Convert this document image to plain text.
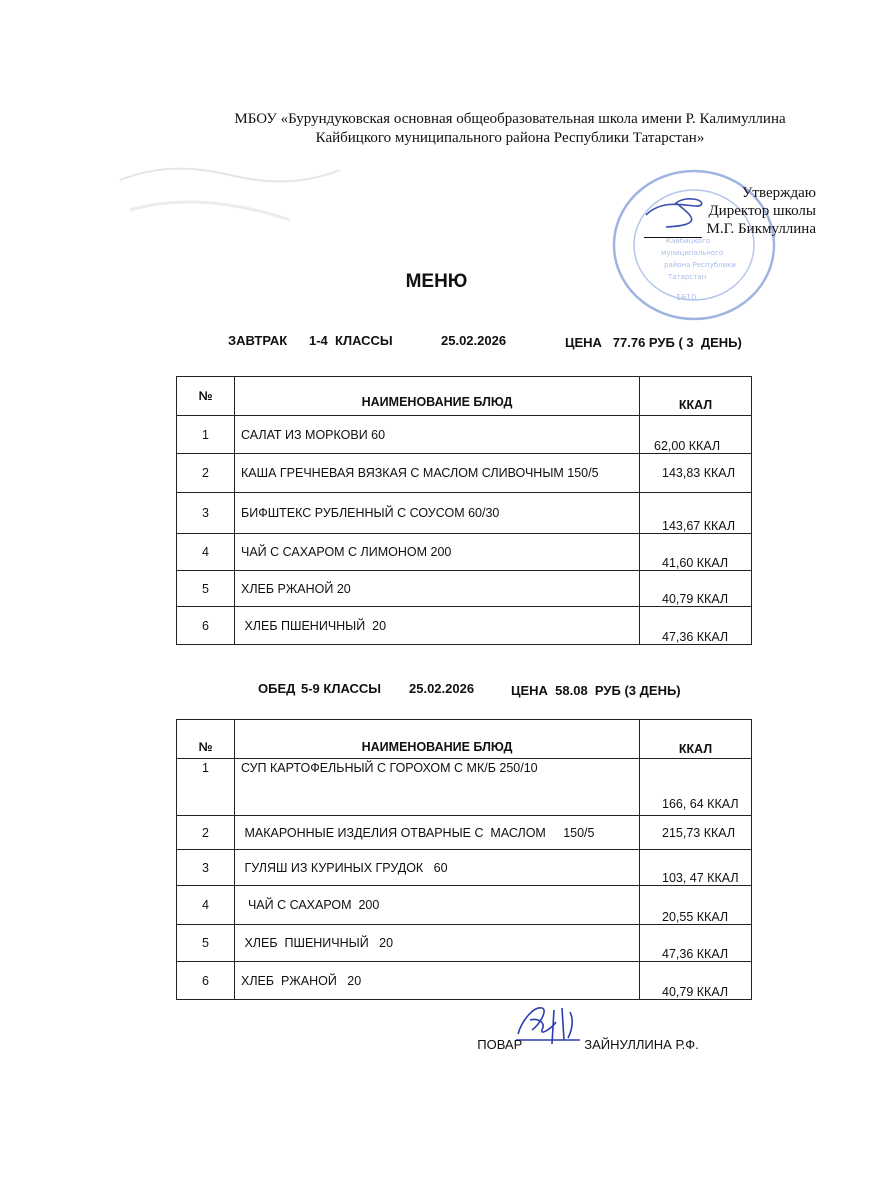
МБОУ «Бурундуковская основная общеобразовательная школа имени Р. Калимуллина
Кайбицкого муниципального района Республики Татарстан»
Кайбицкого
муниципального
района Республики
Татарстан
1610...
Утверждаю
Директор школы
М.Г. Бикмуллина
МЕНЮ
ЗАВТРАК 1-4  КЛАССЫ	25.02.2026	ЦЕНА   77.76 РУБ ( 3  ДЕНЬ)
№	НАИМЕНОВАНИЕ БЛЮД	ККАЛ
1	САЛАТ ИЗ МОРКОВИ 60	62,00 ККАЛ
2	КАША ГРЕЧНЕВАЯ ВЯЗКАЯ С МАСЛОМ СЛИВОЧНЫМ 150/5	143,83 ККАЛ
3	БИФШТЕКС РУБЛЕННЫЙ С СОУСОМ 60/30	143,67 ККАЛ
4	ЧАЙ С САХАРОМ С ЛИМОНОМ 200	41,60 ККАЛ
5	ХЛЕБ РЖАНОЙ 20	40,79 ККАЛ
6	ХЛЕБ ПШЕНИЧНЫЙ  20	47,36 ККАЛ
ОБЕД 5-9 КЛАССЫ 25.02.2026	ЦЕНА  58.08  РУБ (3 ДЕНЬ)
№	НАИМЕНОВАНИЕ БЛЮД	ККАЛ
1	СУП КАРТОФЕЛЬНЫЙ С ГОРОХОМ С МК/Б 250/10	166, 64 ККАЛ
2	МАКАРОННЫЕ ИЗДЕЛИЯ ОТВАРНЫЕ С  МАСЛОМ     150/5	215,73 ККАЛ
3	ГУЛЯШ ИЗ КУРИНЫХ ГРУДОК   60	103, 47 ККАЛ
4	ЧАЙ С САХАРОМ  200	20,55 ККАЛ
5	ХЛЕБ  ПШЕНИЧНЫЙ   20	47,36 ККАЛ
6	ХЛЕБ  РЖАНОЙ   20	40,79 ККАЛ

ПОВАР	ЗАЙНУЛЛИНА Р.Ф.
